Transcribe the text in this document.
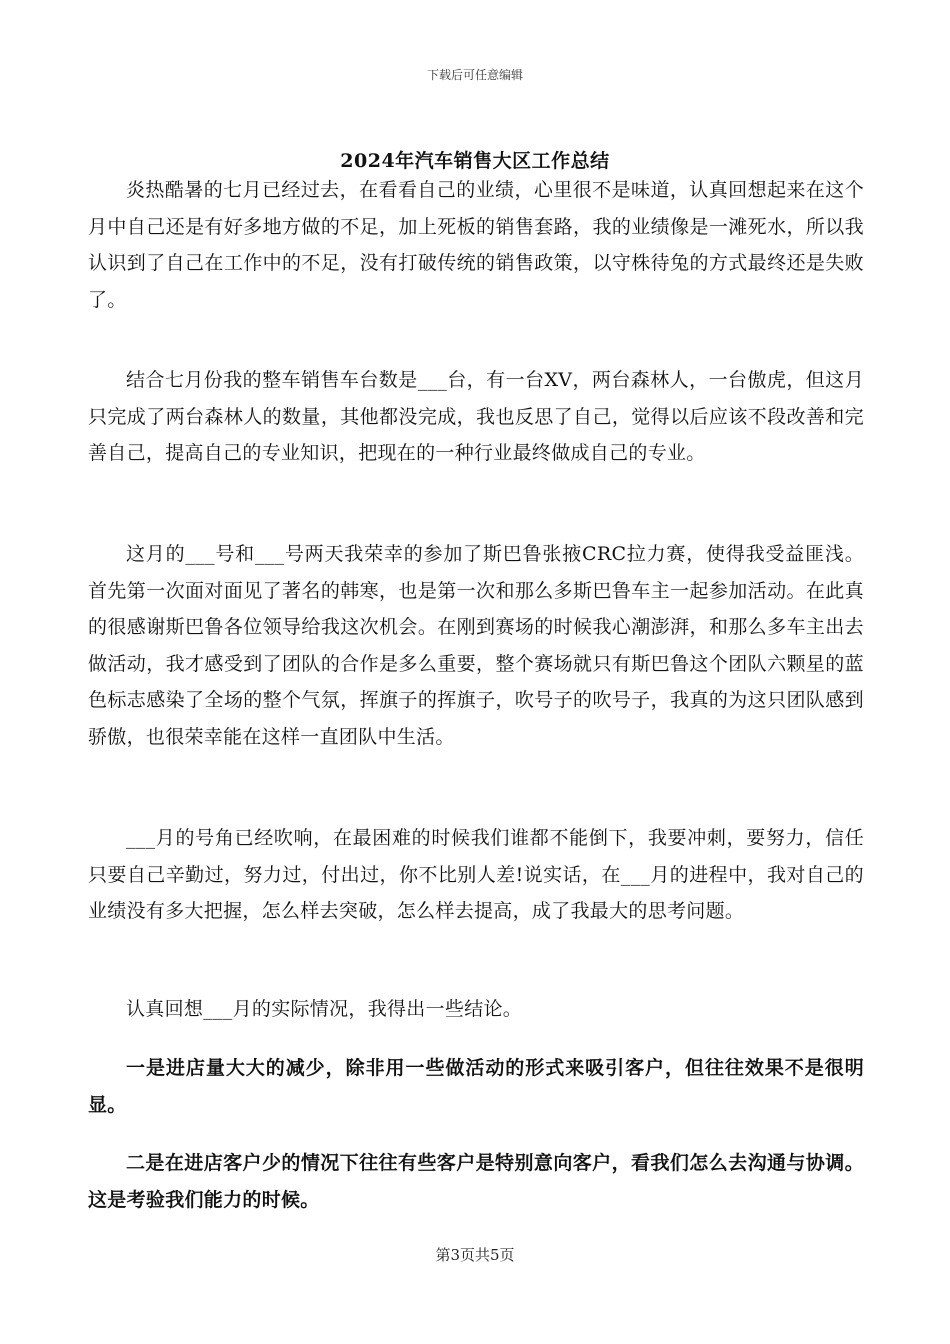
下载后可任意编辑
2024年汽车销售大区工作总结

炎热酷暑的七月已经过去，在看看自己的业绩，心里很不是味道，认真回想起来在这个月中自己还是有好多地方做的不足，加上死板的销售套路，我的业绩像是一滩死水，所以我认识到了自己在工作中的不足，没有打破传统的销售政策，以守株待兔的方式最终还是失败了。

结合七月份我的整车销售车台数是___台，有一台XV，两台森林人，一台傲虎，但这月只完成了两台森林人的数量，其他都没完成，我也反思了自己，觉得以后应该不段改善和完善自己，提高自己的专业知识，把现在的一种行业最终做成自己的专业。

这月的___号和___号两天我荣幸的参加了斯巴鲁张掖CRC拉力赛，使得我受益匪浅。首先第一次面对面见了著名的韩寒，也是第一次和那么多斯巴鲁车主一起参加活动。在此真的很感谢斯巴鲁各位领导给我这次机会。在刚到赛场的时候我心潮澎湃，和那么多车主出去做活动，我才感受到了团队的合作是多么重要，整个赛场就只有斯巴鲁这个团队六颗星的蓝色标志感染了全场的整个气氛，挥旗子的挥旗子，吹号子的吹号子，我真的为这只团队感到骄傲，也很荣幸能在这样一直团队中生活。

___月的号角已经吹响，在最困难的时候我们谁都不能倒下，我要冲刺，要努力，信任只要自己辛勤过，努力过，付出过，你不比别人差!说实话，在___月的进程中，我对自己的业绩没有多大把握，怎么样去突破，怎么样去提高，成了我最大的思考问题。

认真回想___月的实际情况，我得出一些结论。

一是进店量大大的减少，除非用一些做活动的形式来吸引客户，但往往效果不是很明显。

二是在进店客户少的情况下往往有些客户是特别意向客户，看我们怎么去沟通与协调。这是考验我们能力的时候。

第3页共5页
